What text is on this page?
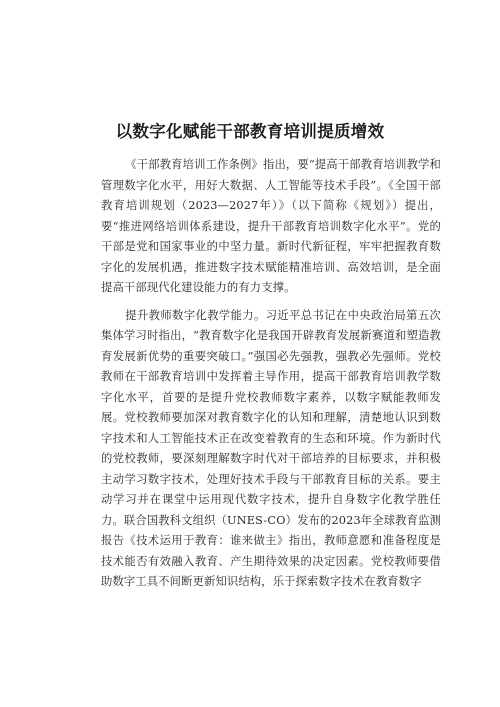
以数字化赋能干部教育培训提质增效

《干部教育培训工作条例》指出，要“提高干部教育培训教学和管理数字化水平，用好大数据、人工智能等技术手段”。《全国干部教育培训规划（2023—2027年）》（以下简称《规划》）提出，要“推进网络培训体系建设，提升干部教育培训数字化水平”。党的干部是党和国家事业的中坚力量。新时代新征程，牢牢把握教育数字化的发展机遇，推进数字技术赋能精准培训、高效培训，是全面提高干部现代化建设能力的有力支撑。

提升教师数字化教学能力。习近平总书记在中央政治局第五次集体学习时指出，“教育数字化是我国开辟教育发展新赛道和塑造教育发展新优势的重要突破口。”强国必先强教，强教必先强师。党校教师在干部教育培训中发挥着主导作用，提高干部教育培训教学数字化水平，首要的是提升党校教师数字素养，以数字赋能教师发展。党校教师要加深对教育数字化的认知和理解，清楚地认识到数字技术和人工智能技术正在改变着教育的生态和环境。作为新时代的党校教师，要深刻理解数字时代对干部培养的目标要求，并积极主动学习数字技术，处理好技术手段与干部教育目标的关系。要主动学习并在课堂中运用现代数字技术，提升自身数字化教学胜任力。联合国教科文组织（UNES-CO）发布的2023年全球教育监测报告《技术运用于教育：谁来做主》指出，教师意愿和准备程度是技术能否有效融入教育、产生期待效果的决定因素。党校教师要借助数字工具不间断更新知识结构，乐于探索数字技术在教育数字
